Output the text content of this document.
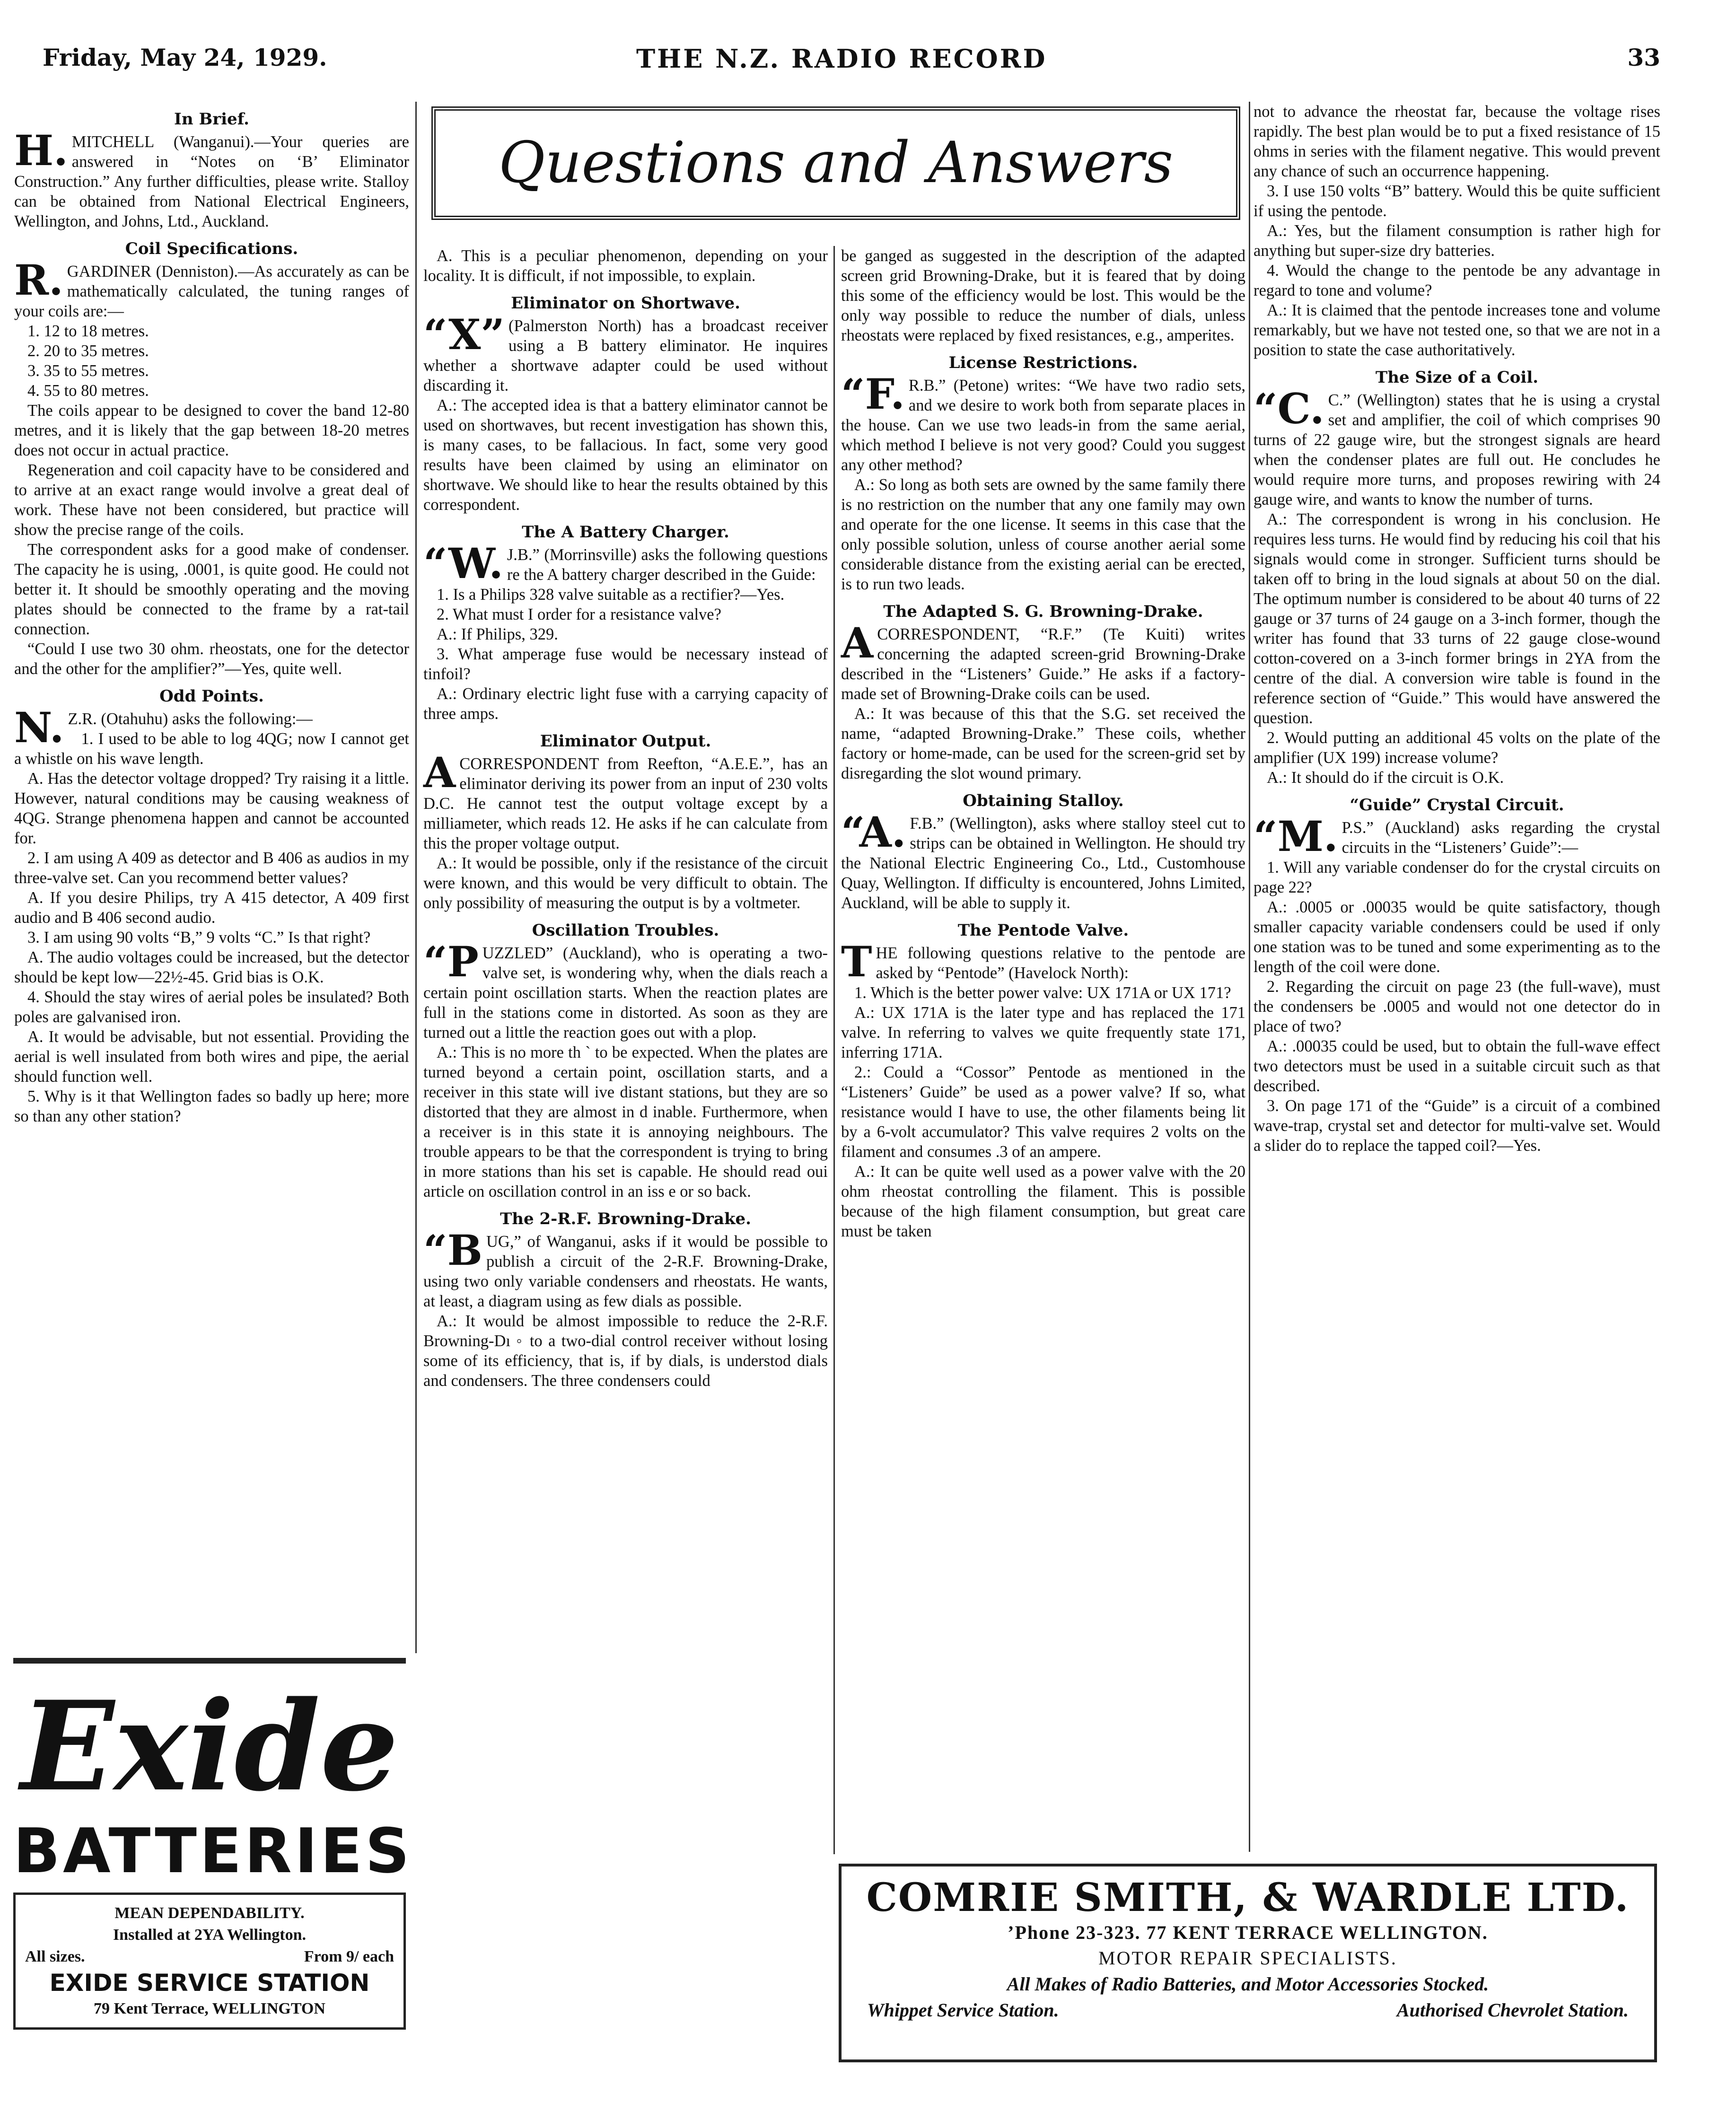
Friday, May 24, 1929.	THE N.Z. RADIO RECORD	33
Questions and Answers
In Brief.

H. MITCHELL (Wanganui).—Your queries are answered in “Notes on ‘B’ Eliminator Construction.” Any further difficulties, please write. Stalloy can be obtained from National Electrical Engineers, Wellington, and Johns, Ltd., Auckland.

Coil Specifications.

R. GARDINER (Denniston).—As accurately as can be mathematically calculated, the tuning ranges of your coils are:—

1. 12 to 18 metres.

2. 20 to 35 metres.

3. 35 to 55 metres.

4. 55 to 80 metres.

The coils appear to be designed to cover the band 12-80 metres, and it is likely that the gap between 18-20 metres does not occur in actual practice.

Regeneration and coil capacity have to be considered and to arrive at an exact range would involve a great deal of work. These have not been considered, but practice will show the precise range of the coils.

The correspondent asks for a good make of condenser. The capacity he is using, .0001, is quite good. He could not better it. It should be smoothly operating and the moving plates should be connected to the frame by a rat-tail connection.

“Could I use two 30 ohm. rheostats, one for the detector and the other for the amplifier?”—Yes, quite well.

Odd Points.

N. Z.R. (Otahuhu) asks the following:—

1. I used to be able to log 4QG; now I cannot get a whistle on his wave length.

A. Has the detector voltage dropped? Try raising it a little. However, natural conditions may be causing weakness of 4QG. Strange phenomena happen and cannot be accounted for.

2. I am using A 409 as detector and B 406 as audios in my three-valve set. Can you recommend better values?

A. If you desire Philips, try A 415 detector, A 409 first audio and B 406 second audio.

3. I am using 90 volts “B,” 9 volts “C.” Is that right?

A. The audio voltages could be increased, but the detector should be kept low—22½-45. Grid bias is O.K.

4. Should the stay wires of aerial poles be insulated? Both poles are galvanised iron.

A. It would be advisable, but not essential. Providing the aerial is well insulated from both wires and pipe, the aerial should function well.

5. Why is it that Wellington fades so badly up here; more so than any other station?

A. This is a peculiar phenomenon, depending on your locality. It is difficult, if not impossible, to explain.

Eliminator on Shortwave.

“X” (Palmerston North) has a broadcast receiver using a B battery eliminator. He inquires whether a shortwave adapter could be used without discarding it.

A.: The accepted idea is that a battery eliminator cannot be used on shortwaves, but recent investigation has shown this, is many cases, to be fallacious. In fact, some very good results have been claimed by using an eliminator on shortwave. We should like to hear the results obtained by this correspondent.

The A Battery Charger.

“W. J.B.” (Morrinsville) asks the following questions re the A battery charger described in the Guide:

1. Is a Philips 328 valve suitable as a rectifier?—Yes.

2. What must I order for a resistance valve?

A.: If Philips, 329.

3. What amperage fuse would be necessary instead of tinfoil?

A.: Ordinary electric light fuse with a carrying capacity of three amps.

Eliminator Output.

ACORRESPONDENT from Reefton, “A.E.E.”, has an eliminator deriving its power from an input of 230 volts D.C. He cannot test the output voltage except by a milliameter, which reads 12. He asks if he can calculate from this the proper voltage output.

A.: It would be possible, only if the resistance of the circuit were known, and this would be very difficult to obtain. The only possibility of measuring the output is by a voltmeter.

Oscillation Troubles.

“PUZZLED” (Auckland), who is operating a two-valve set, is wondering why, when the dials reach a certain point oscillation starts. When the reaction plates are full in the stations come in distorted. As soon as they are turned out a little the reaction goes out with a plop.

A.: This is no more th ` to be expected. When the plates are turned beyond a certain point, oscillation starts, and a receiver in this state will ive distant stations, but they are so distorted that they are almost in d inable. Furthermore, when a receiver is in this state it is annoying neighbours. The trouble appears to be that the correspondent is trying to bring in more stations than his set is capable. He should read oui article on oscillation control in an iss e or so back.

The 2-R.F. Browning-Drake.

“BUG,” of Wanganui, asks if it would be possible to publish a circuit of the 2-R.F. Browning-Drake, using two only variable condensers and rheostats. He wants, at least, a diagram using as few dials as possible.

A.: It would be almost impossible to reduce the 2-R.F. Browning-Dı ◦ to a two-dial control receiver without losing some of its efficiency, that is, if by dials, is understod dials and condensers. The three condensers could

be ganged as suggested in the description of the adapted screen grid Browning-Drake, but it is feared that by doing this some of the efficiency would be lost. This would be the only way possible to reduce the number of dials, unless rheostats were replaced by fixed resistances, e.g., amperites.

License Restrictions.

“F. R.B.” (Petone) writes: “We have two radio sets, and we desire to work both from separate places in the house. Can we use two leads-in from the same aerial, which method I believe is not very good? Could you suggest any other method?

A.: So long as both sets are owned by the same family there is no restriction on the number that any one family may own and operate for the one license. It seems in this case that the only possible solution, unless of course another aerial some considerable distance from the existing aerial can be erected, is to run two leads.

The Adapted S. G. Browning-Drake.

ACORRESPONDENT, “R.F.” (Te Kuiti) writes concerning the adapted screen-grid Browning-Drake described in the “Listeners’ Guide.” He asks if a factory-made set of Browning-Drake coils can be used.

A.: It was because of this that the S.G. set received the name, “adapted Browning-Drake.” These coils, whether factory or home-made, can be used for the screen-grid set by disregarding the slot wound primary.

Obtaining Stalloy.

“A. F.B.” (Wellington), asks where stalloy steel cut to strips can be obtained in Wellington. He should try the National Electric Engineering Co., Ltd., Customhouse Quay, Wellington. If difficulty is encountered, Johns Limited, Auckland, will be able to supply it.

The Pentode Valve.

THE following questions relative to the pentode are asked by “Pentode” (Havelock North):

1. Which is the better power valve: UX 171A or UX 171?

A.: UX 171A is the later type and has replaced the 171 valve. In referring to valves we quite frequently state 171, inferring 171A.

2.: Could a “Cossor” Pentode as mentioned in the “Listeners’ Guide” be used as a power valve? If so, what resistance would I have to use, the other filaments being lit by a 6-volt accumulator? This valve requires 2 volts on the filament and consumes .3 of an ampere.

A.: It can be quite well used as a power valve with the 20 ohm rheostat controlling the filament. This is possible because of the high filament consumption, but great care must be taken

not to advance the rheostat far, because the voltage rises rapidly. The best plan would be to put a fixed resistance of 15 ohms in series with the filament negative. This would prevent any chance of such an occurrence happening.

3. I use 150 volts “B” battery. Would this be quite sufficient if using the pentode.

A.: Yes, but the filament consumption is rather high for anything but super-size dry batteries.

4. Would the change to the pentode be any advantage in regard to tone and volume?

A.: It is claimed that the pentode increases tone and volume remarkably, but we have not tested one, so that we are not in a position to state the case authoritatively.

The Size of a Coil.

“C. C.” (Wellington) states that he is using a crystal set and amplifier, the coil of which comprises 90 turns of 22 gauge wire, but the strongest signals are heard when the condenser plates are full out. He concludes he would require more turns, and proposes rewiring with 24 gauge wire, and wants to know the number of turns.

A.: The correspondent is wrong in his conclusion. He requires less turns. He would find by reducing his coil that his signals would come in stronger. Sufficient turns should be taken off to bring in the loud signals at about 50 on the dial. The optimum number is considered to be about 40 turns of 22 gauge or 37 turns of 24 gauge on a 3-inch former, though the writer has found that 33 turns of 22 gauge close-wound cotton-covered on a 3-inch former brings in 2YA from the centre of the dial. A conversion wire table is found in the reference section of “Guide.” This would have answered the question.

2. Would putting an additional 45 volts on the plate of the amplifier (UX 199) increase volume?

A.: It should do if the circuit is O.K.

“Guide” Crystal Circuit.

“M. P.S.” (Auckland) asks regarding the crystal circuits in the “Listeners’ Guide”:—

1. Will any variable condenser do for the crystal circuits on page 22?

A.: .0005 or .00035 would be quite satisfactory, though smaller capacity variable condensers could be used if only one station was to be tuned and some experimenting as to the length of the coil were done.

2. Regarding the circuit on page 23 (the full-wave), must the condensers be .0005 and would not one detector do in place of two?

A.: .00035 could be used, but to obtain the full-wave effect two detectors must be used in a suitable circuit such as that described.

3. On page 171 of the “Guide” is a circuit of a combined wave-trap, crystal set and detector for multi-valve set. Would a slider do to replace the tapped coil?—Yes.

Exide
BATTERIES
MEAN DEPENDABILITY.
Installed at 2YA Wellington.
All sizes.	From 9/ each
EXIDE SERVICE STATION
79 Kent Terrace, WELLINGTON
COMRIE SMITH, & WARDLE LTD.
’Phone 23-323. 77 KENT TERRACE WELLINGTON.
MOTOR REPAIR SPECIALISTS.
All Makes of Radio Batteries, and Motor Accessories Stocked.
Whippet Service Station.	Authorised Chevrolet Station.
